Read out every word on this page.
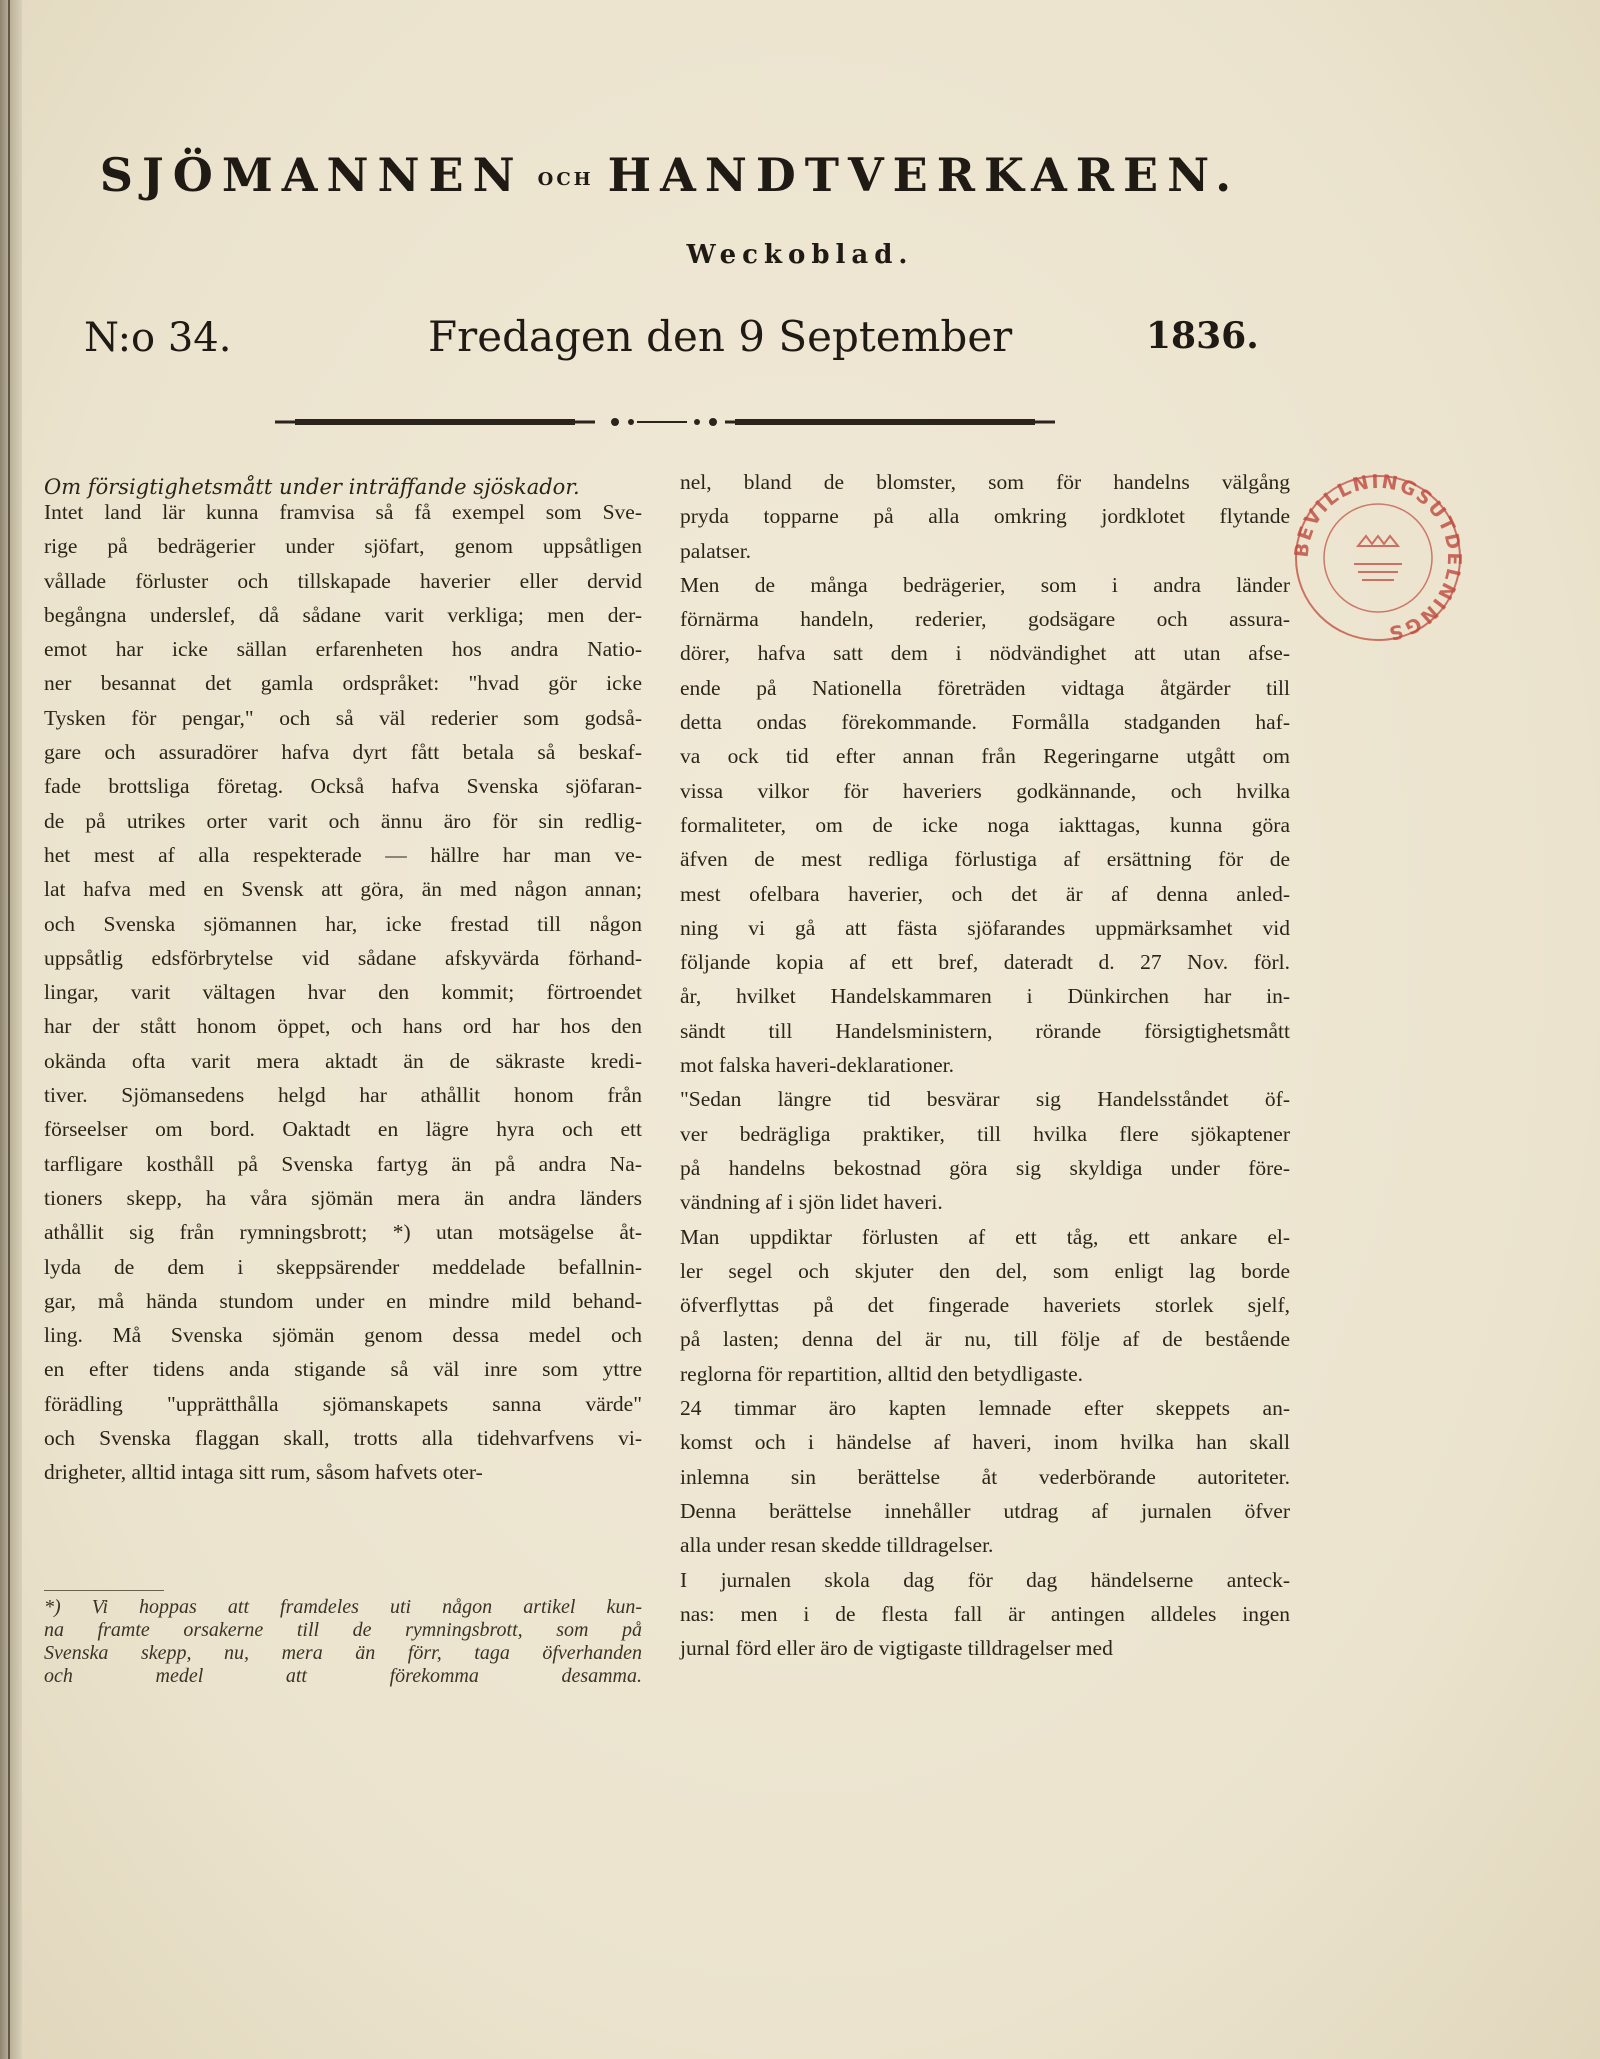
SJÖMANNEN OCH HANDTVERKAREN.
Weckoblad.
N:o 34.	Fredagen den 9 September	1836.
Om försigtighetsmått under inträffande sjöskador.
Intet land lär kunna framvisa så få exempel som Sve-
rige på bedrägerier under sjöfart, genom uppsåtligen
vållade förluster och tillskapade haverier eller dervid
begångna underslef, då sådane varit verkliga; men der-
emot har icke sällan erfarenheten hos andra Natio-
ner besannat det gamla ordspråket: "hvad gör icke
Tysken för pengar," och så väl rederier som godså-
gare och assuradörer hafva dyrt fått betala så beskaf-
fade brottsliga företag. Också hafva Svenska sjöfaran-
de på utrikes orter varit och ännu äro för sin redlig-
het mest af alla respekterade — hällre har man ve-
lat hafva med en Svensk att göra, än med någon annan;
och Svenska sjömannen har, icke frestad till någon
uppsåtlig edsförbrytelse vid sådane afskyvärda förhand-
lingar, varit vältagen hvar den kommit; förtroendet
har der stått honom öppet, och hans ord har hos den
okända ofta varit mera aktadt än de säkraste kredi-
tiver. Sjömansedens helgd har athållit honom från
förseelser om bord. Oaktadt en lägre hyra och ett
tarfligare kosthåll på Svenska fartyg än på andra Na-
tioners skepp, ha våra sjömän mera än andra länders
athållit sig från rymningsbrott; *) utan motsägelse åt-
lyda de dem i skeppsärender meddelade befallnin-
gar, må hända stundom under en mindre mild behand-
ling. Må Svenska sjömän genom dessa medel och
en efter tidens anda stigande så väl inre som yttre
förädling "upprätthålla sjömanskapets sanna värde"
och Svenska flaggan skall, trotts alla tidehvarfvens vi-
drigheter, alltid intaga sitt rum, såsom hafvets oter-
*) Vi hoppas att framdeles uti någon artikel kun-
na framte orsakerne till de rymningsbrott, som på
Svenska skepp, nu, mera än förr, taga öfverhanden
och medel att förekomma desamma.
nel, bland de blomster, som för handelns välgång
pryda topparne på alla omkring jordklotet flytande
palatser.
Men de många bedrägerier, som i andra länder
förnärma handeln, rederier, godsägare och assura-
dörer, hafva satt dem i nödvändighet att utan afse-
ende på Nationella företräden vidtaga åtgärder till
detta ondas förekommande. Formålla stadganden haf-
va ock tid efter annan från Regeringarne utgått om
vissa vilkor för haveriers godkännande, och hvilka
formaliteter, om de icke noga iakttagas, kunna göra
äfven de mest redliga förlustiga af ersättning för de
mest ofelbara haverier, och det är af denna anled-
ning vi gå att fästa sjöfarandes uppmärksamhet vid
följande kopia af ett bref, dateradt d. 27 Nov. förl.
år, hvilket Handelskammaren i Dünkirchen har in-
sändt till Handelsministern, rörande försigtighetsmått
mot falska haveri-deklarationer.
"Sedan längre tid besvärar sig Handelsståndet öf-
ver bedrägliga praktiker, till hvilka flere sjökaptener
på handelns bekostnad göra sig skyldiga under före-
vändning af i sjön lidet haveri.
Man uppdiktar förlusten af ett tåg, ett ankare el-
ler segel och skjuter den del, som enligt lag borde
öfverflyttas på det fingerade haveriets storlek sjelf,
på lasten; denna del är nu, till följe af de bestående
reglorna för repartition, alltid den betydligaste.
24 timmar äro kapten lemnade efter skeppets an-
komst och i händelse af haveri, inom hvilka han skall
inlemna sin berättelse åt vederbörande autoriteter.
Denna berättelse innehåller utdrag af jurnalen öfver
alla under resan skedde tilldragelser.
I jurnalen skola dag för dag händelserne anteck-
nas: men i de flesta fall är antingen alldeles ingen
jurnal förd eller äro de vigtigaste tilldragelser med
BEVILLNINGSUTDELNINGS
